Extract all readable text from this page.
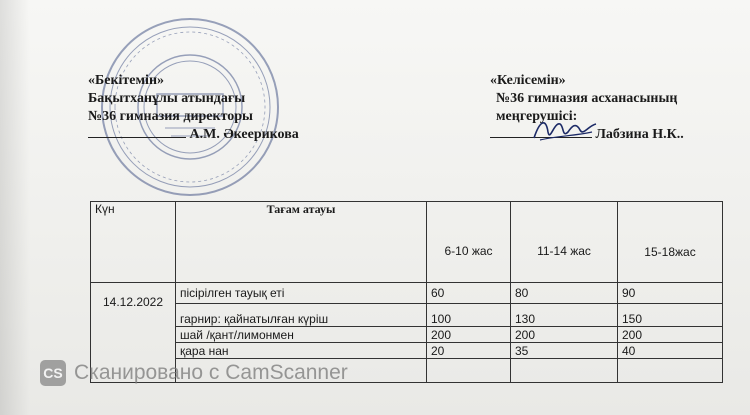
«Бекітемін»
Бақытханұлы атындағы
№36 гимназия директоры
А.М. Әкеерикова
«Келісемін»
№36 гимназия асханасының
меңгерушісі:
Лабзина Н.К..
Күн	Тағам атауы	6-10 жас	11-14 жас	15-18жас

14.12.2022	пісірілген тауық еті	60	80	90
	гарнир: қайнатылған күріш	100	130	150
	шай /қант/лимонмен	200	200	200
	қара нан	20	35	40

CS Сканировано с CamScanner
